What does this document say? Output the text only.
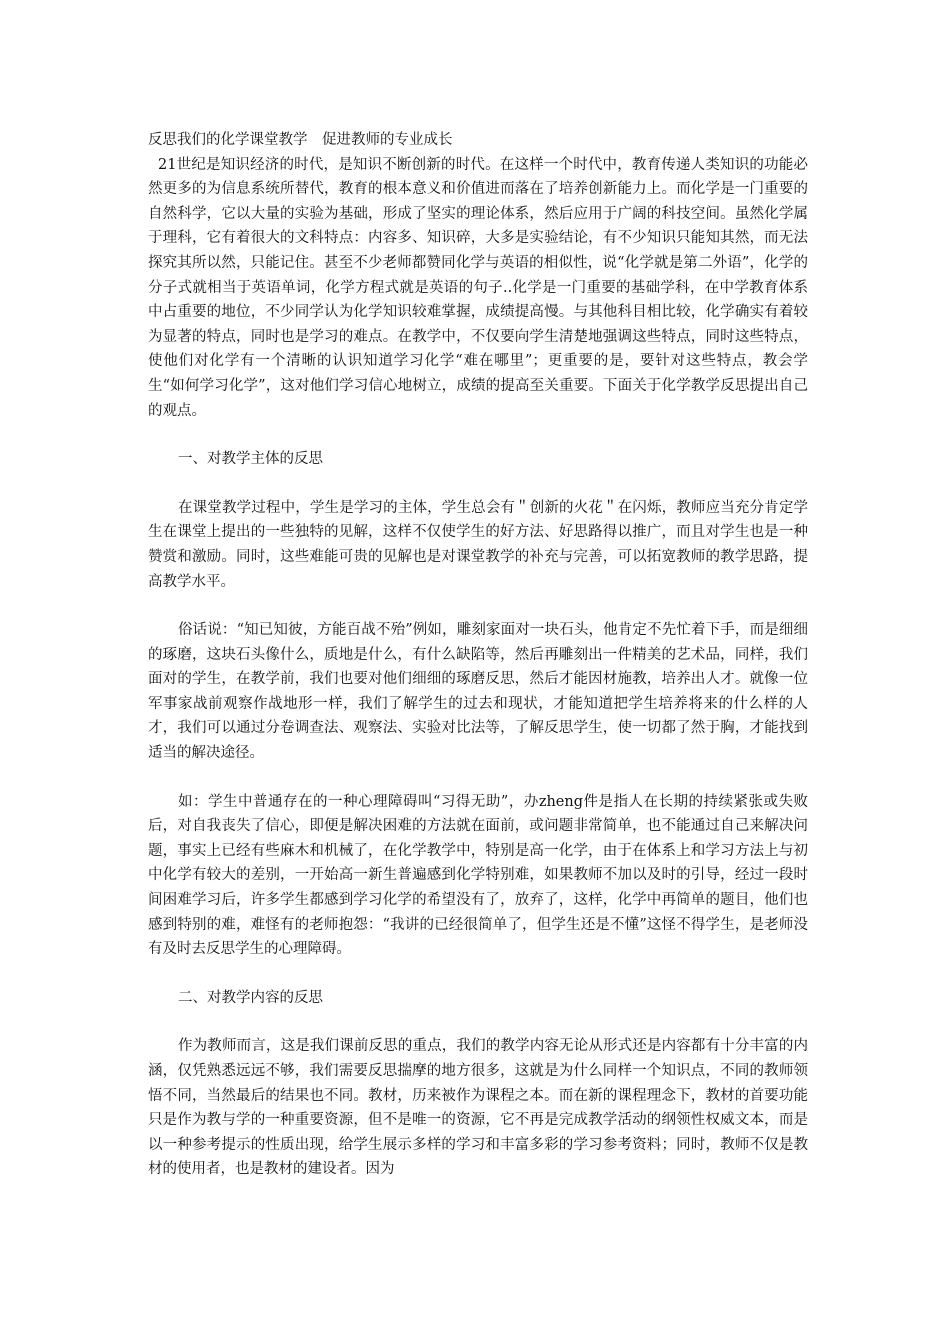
反思我们的化学课堂教学　促进教师的专业成长

21世纪是知识经济的时代，是知识不断创新的时代。在这样一个时代中，教育传递人类知识的功能必然更多的为信息系统所替代，教育的根本意义和价值进而落在了培养创新能力上。而化学是一门重要的自然科学，它以大量的实验为基础，形成了坚实的理论体系，然后应用于广阔的科技空间。虽然化学属于理科，它有着很大的文科特点：内容多、知识碎，大多是实验结论，有不少知识只能知其然，而无法探究其所以然，只能记住。甚至不少老师都赞同化学与英语的相似性，说“化学就是第二外语”，化学的分子式就相当于英语单词，化学方程式就是英语的句子..化学是一门重要的基础学科，在中学教育体系中占重要的地位，不少同学认为化学知识较难掌握，成绩提高慢。与其他科目相比较，化学确实有着较为显著的特点，同时也是学习的难点。在教学中，不仅要向学生清楚地强调这些特点，同时这些特点，使他们对化学有一个清晰的认识知道学习化学“难在哪里”；更重要的是，要针对这些特点，教会学生“如何学习化学”，这对他们学习信心地树立，成绩的提高至关重要。下面关于化学教学反思提出自己的观点。

一、对教学主体的反思

在课堂教学过程中，学生是学习的主体，学生总会有＂创新的火花＂在闪烁，教师应当充分肯定学生在课堂上提出的一些独特的见解，这样不仅使学生的好方法、好思路得以推广，而且对学生也是一种赞赏和激励。同时，这些难能可贵的见解也是对课堂教学的补充与完善，可以拓宽教师的教学思路，提高教学水平。

俗话说：“知已知彼，方能百战不殆”例如，雕刻家面对一块石头，他肯定不先忙着下手，而是细细的琢磨，这块石头像什么，质地是什么，有什么缺陷等，然后再雕刻出一件精美的艺术品，同样，我们面对的学生，在教学前，我们也要对他们细细的琢磨反思，然后才能因材施教，培养出人才。就像一位军事家战前观察作战地形一样，我们了解学生的过去和现状，才能知道把学生培养将来的什么样的人才，我们可以通过分卷调查法、观察法、实验对比法等，了解反思学生，使一切都了然于胸，才能找到适当的解决途径。

如：学生中普通存在的一种心理障碍叫“习得无助”，办zheng件是指人在长期的持续紧张或失败后，对自我丧失了信心，即便是解决困难的方法就在面前，或问题非常简单，也不能通过自己来解决问题，事实上已经有些麻木和机械了，在化学教学中，特别是高一化学，由于在体系上和学习方法上与初中化学有较大的差别，一开始高一新生普遍感到化学特别难，如果教师不加以及时的引导，经过一段时间困难学习后，许多学生都感到学习化学的希望没有了，放弃了，这样，化学中再简单的题目，他们也感到特别的难，难怪有的老师抱怨：“我讲的已经很简单了，但学生还是不懂”这怪不得学生，是老师没有及时去反思学生的心理障碍。

二、对教学内容的反思

作为教师而言，这是我们课前反思的重点，我们的教学内容无论从形式还是内容都有十分丰富的内涵，仅凭熟悉远远不够，我们需要反思揣摩的地方很多，这就是为什么同样一个知识点，不同的教师领悟不同，当然最后的结果也不同。教材，历来被作为课程之本。而在新的课程理念下，教材的首要功能只是作为教与学的一种重要资源，但不是唯一的资源，它不再是完成教学活动的纲领性权威文本，而是以一种参考提示的性质出现，给学生展示多样的学习和丰富多彩的学习参考资料；同时，教师不仅是教材的使用者，也是教材的建设者。因为
